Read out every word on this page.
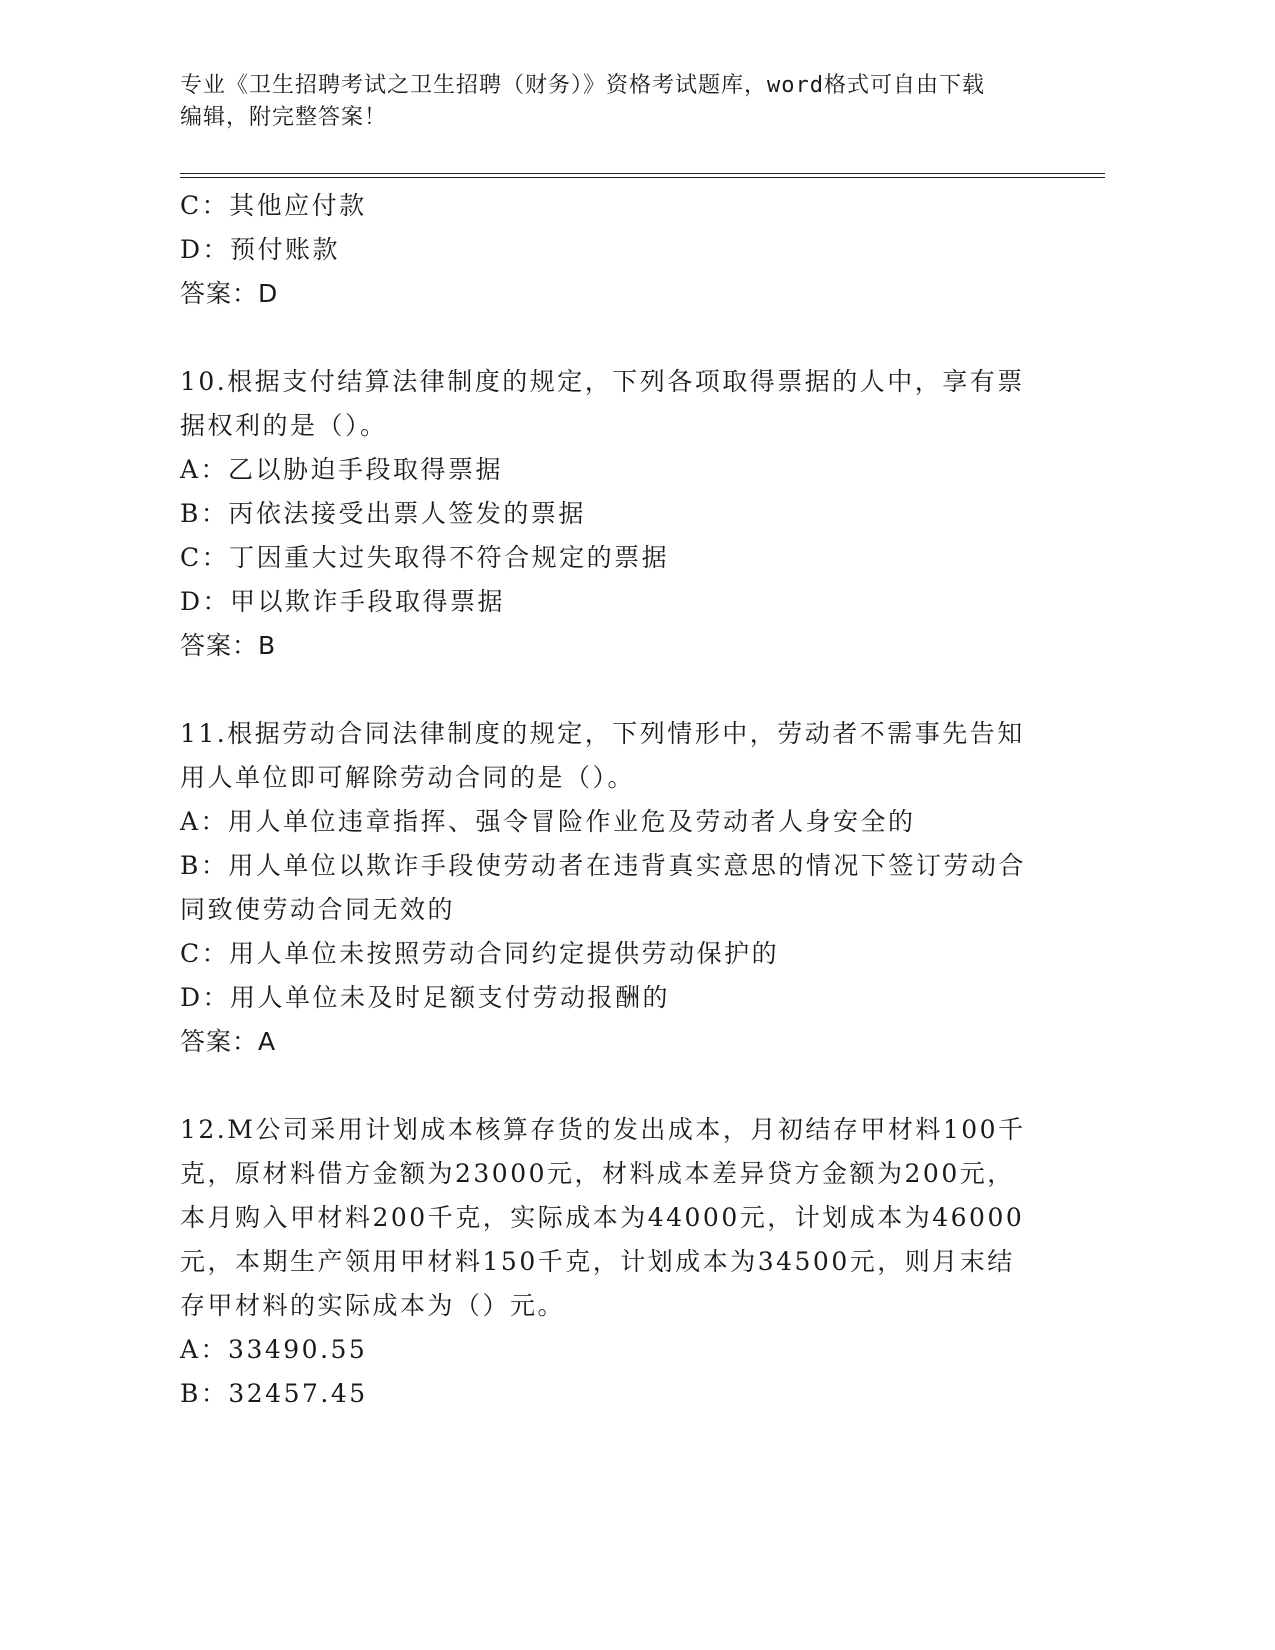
专业《卫生招聘考试之卫生招聘（财务）》资格考试题库，word格式可自由下载
编辑，附完整答案！
C：其他应付款
D：预付账款
答案：D
10.根据支付结算法律制度的规定，下列各项取得票据的人中，享有票
据权利的是（）。
A：乙以胁迫手段取得票据
B：丙依法接受出票人签发的票据
C：丁因重大过失取得不符合规定的票据
D：甲以欺诈手段取得票据
答案：B
11.根据劳动合同法律制度的规定，下列情形中，劳动者不需事先告知
用人单位即可解除劳动合同的是（）。
A：用人单位违章指挥、强令冒险作业危及劳动者人身安全的
B：用人单位以欺诈手段使劳动者在违背真实意思的情况下签订劳动合
同致使劳动合同无效的
C：用人单位未按照劳动合同约定提供劳动保护的
D：用人单位未及时足额支付劳动报酬的
答案：A
12.M公司采用计划成本核算存货的发出成本，月初结存甲材料100千
克，原材料借方金额为23000元，材料成本差异贷方金额为200元，
本月购入甲材料200千克，实际成本为44000元，计划成本为46000
元，本期生产领用甲材料150千克，计划成本为34500元，则月末结
存甲材料的实际成本为（）元。
A：33490.55
B：32457.45
